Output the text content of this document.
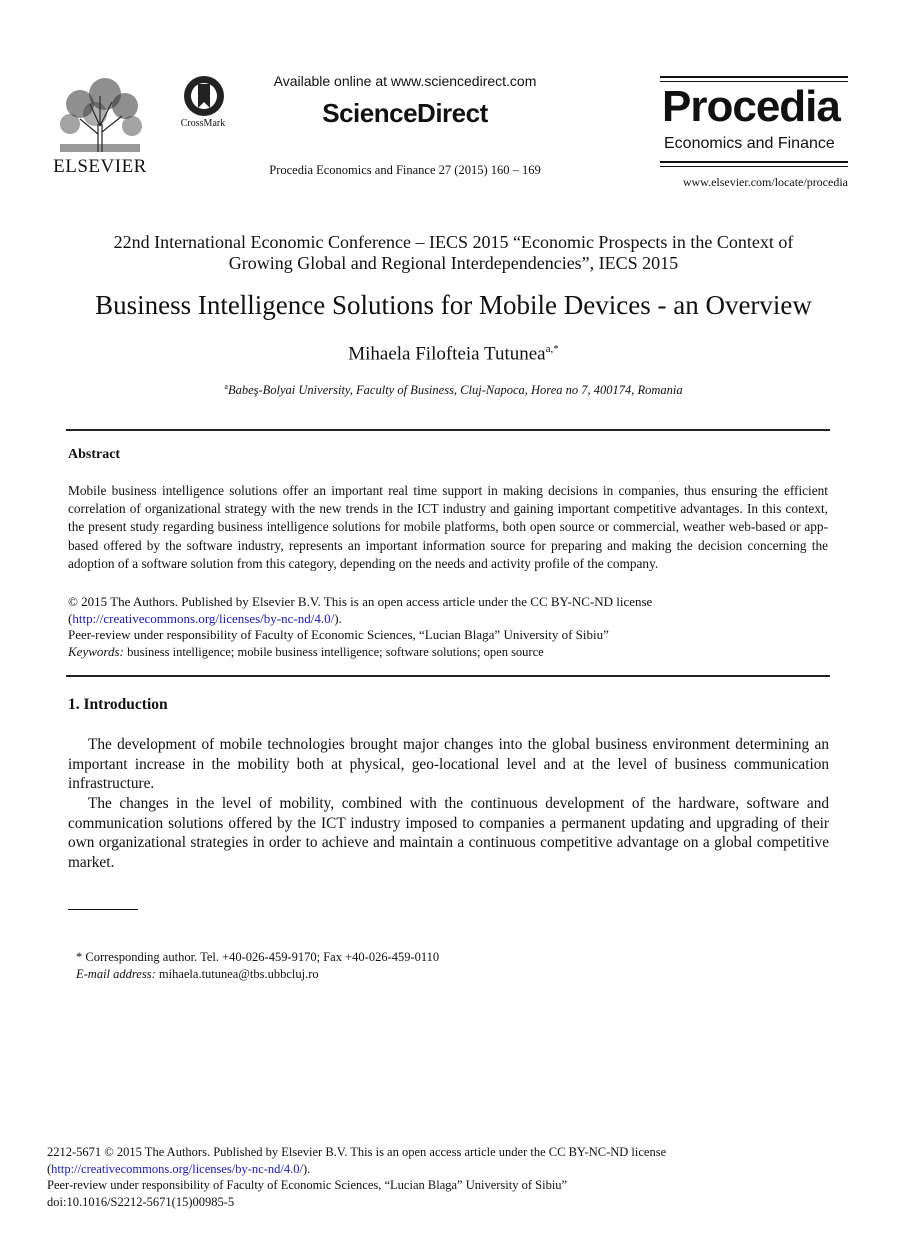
ELSEVIER
CrossMark
Available online at www.sciencedirect.com
ScienceDirect
Procedia Economics and Finance 27 (2015) 160 – 169
Procedia
Economics and Finance
www.elsevier.com/locate/procedia
22nd International Economic Conference – IECS 2015 “Economic Prospects in the Context of
Growing Global and Regional Interdependencies”, IECS 2015
Business Intelligence Solutions for Mobile Devices - an Overview
Mihaela Filofteia Tutunea$^{a,*}$
$^a$Babeş-Bolyai University, Faculty of Business, Cluj-Napoca, Horea no 7, 400174, Romania
Abstract
Mobile business intelligence solutions offer an important real time support in making decisions in companies, thus ensuring the efficient correlation of organizational strategy with the new trends in the ICT industry and gaining important competitive advantages. In this context, the present study regarding business intelligence solutions for mobile platforms, both open source or commercial, weather web-based or app-based offered by the software industry, represents an important information source for preparing and making the decision concerning the adoption of a software solution from this category, depending on the needs and activity profile of the company.
© 2015 The Authors. Published by Elsevier B.V. This is an open access article under the CC BY-NC-ND license
(http://creativecommons.org/licenses/by-nc-nd/4.0/).
Peer-review under responsibility of Faculty of Economic Sciences, “Lucian Blaga” University of Sibiu”
Keywords: business intelligence; mobile business intelligence; software solutions; open source
1. Introduction
The development of mobile technologies brought major changes into the global business environment determining an important increase in the mobility both at physical, geo-locational level and at the level of business communication infrastructure.
The changes in the level of mobility, combined with the continuous development of the hardware, software and communication solutions offered by the ICT industry imposed to companies a permanent updating and upgrading of their own organizational strategies in order to achieve and maintain a continuous competitive advantage on a global competitive market.
* Corresponding author. Tel. +40-026-459-9170; Fax +40-026-459-0110
E-mail address: mihaela.tutunea@tbs.ubbcluj.ro
2212-5671 © 2015 The Authors. Published by Elsevier B.V. This is an open access article under the CC BY-NC-ND license
(http://creativecommons.org/licenses/by-nc-nd/4.0/).
Peer-review under responsibility of Faculty of Economic Sciences, “Lucian Blaga” University of Sibiu”
doi:10.1016/S2212-5671(15)00985-5
